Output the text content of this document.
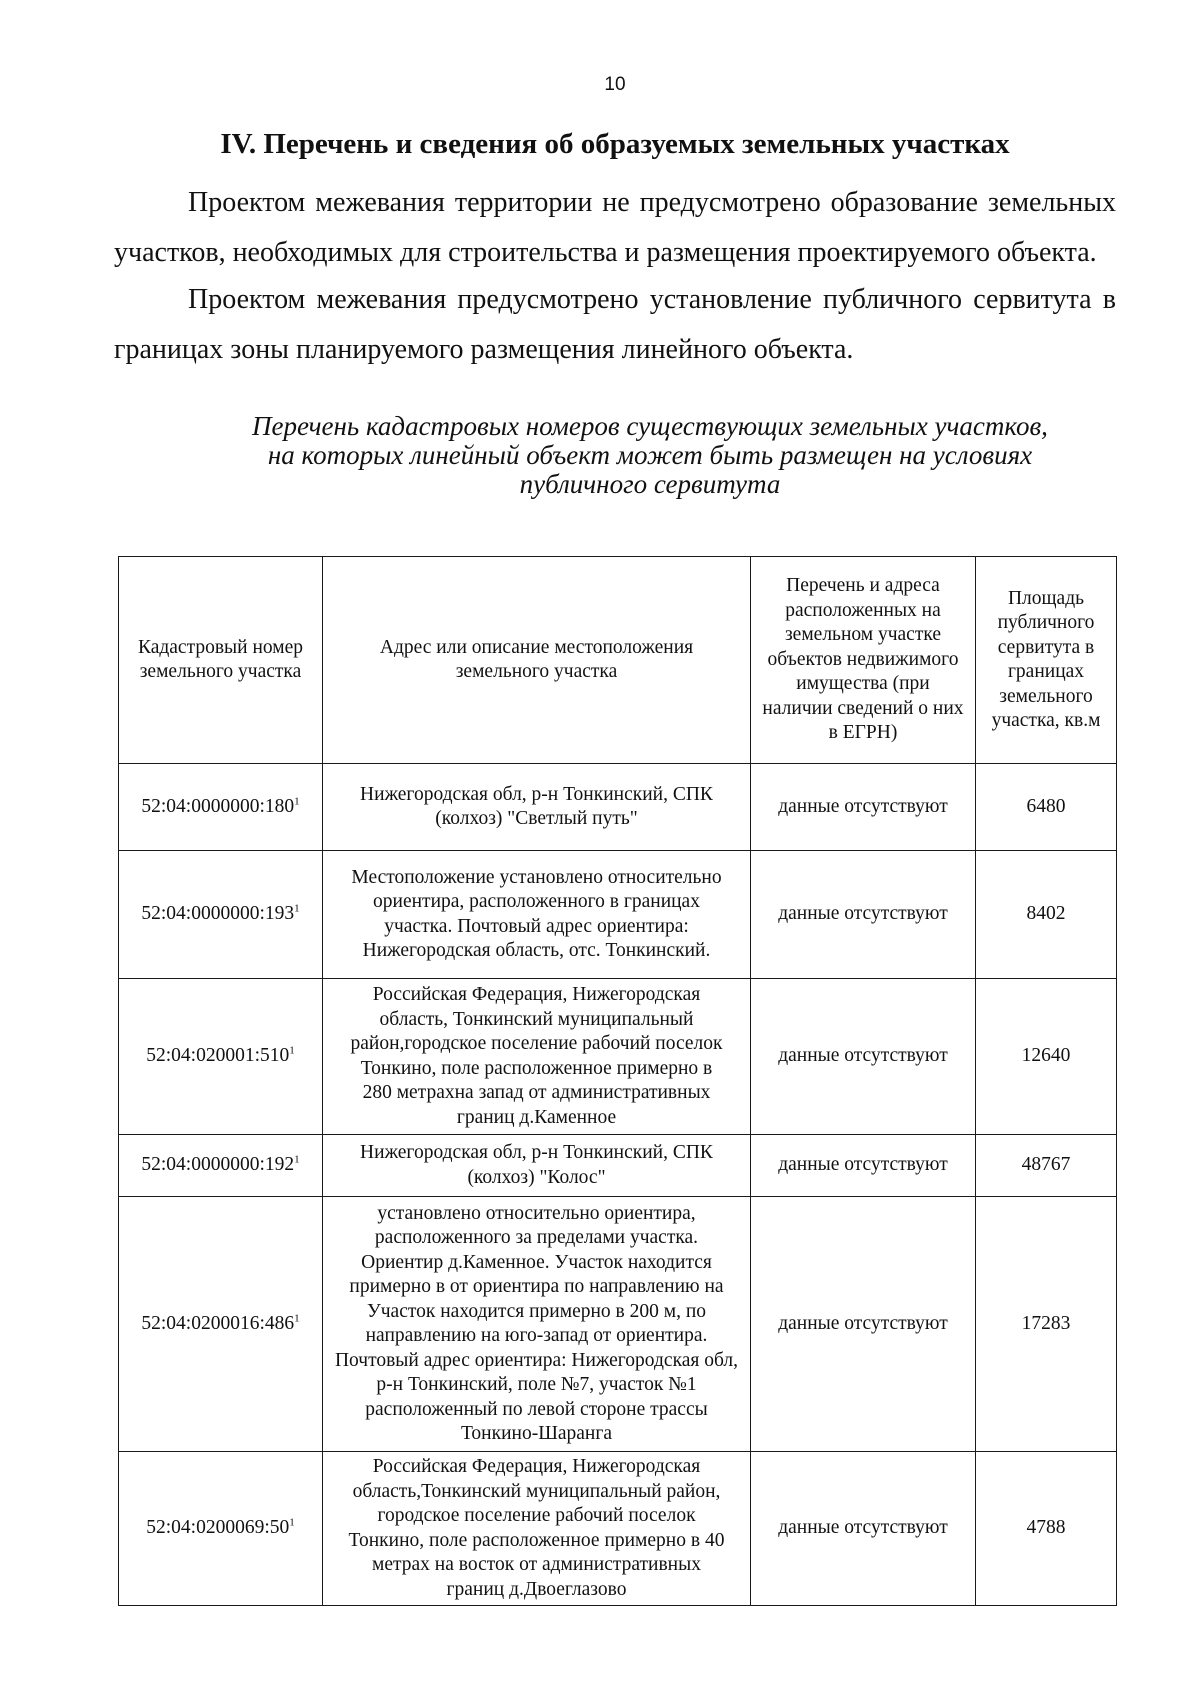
10
IV. Перечень и сведения об образуемых земельных участках

Проектом межевания территории не предусмотрено образование земельных участков, необходимых для строительства и размещения проектируемого объекта.

Проектом межевания предусмотрено установление публичного сервитута в границах зоны планируемого размещения линейного объекта.

Перечень кадастровых номеров существующих земельных участков,
на которых линейный объект может быть размещен на условиях
публичного сервитута
Кадастровый номер земельного участка	Адрес или описание местоположения земельного участка	Перечень и адреса расположенных на земельном участке объектов недвижимого имущества (при наличии сведений о них в ЕГРН)	Площадь публичного сервитута в границах земельного участка, кв.м
$52:04:0000000:180^1$	Нижегородская обл, р-н Тонкинский, СПК (колхоз) "Светлый путь"	данные отсутствуют	6480
$52:04:0000000:193^1$	Местоположение установлено относительно ориентира, расположенного в границах участка. Почтовый адрес ориентира: Нижегородская область, отс. Тонкинский.	данные отсутствуют	8402
$52:04:020001:510^1$	Российская Федерация, Нижегородская область, Тонкинский муниципальный район,городское поселение рабочий поселок Тонкино, поле расположенное примерно в 280 метрахна запад от административных границ д.Каменное	данные отсутствуют	12640
$52:04:0000000:192^1$	Нижегородская обл, р-н Тонкинский, СПК (колхоз) "Колос"	данные отсутствуют	48767
$52:04:0200016:486^1$	установлено относительно ориентира, расположенного за пределами участка. Ориентир д.Каменное. Участок находится примерно в от ориентира по направлению на Участок находится примерно в 200 м, по направлению на юго-запад от ориентира. Почтовый адрес ориентира: Нижегородская обл, р-н Тонкинский, поле №7, участок №1 расположенный по левой стороне трассы Тонкино-Шаранга	данные отсутствуют	17283
$52:04:0200069:50^1$	Российская Федерация, Нижегородская область,Тонкинский муниципальный район, городское поселение рабочий поселок Тонкино, поле расположенное примерно в 40 метрах на восток от административных границ д.Двоеглазово	данные отсутствуют	4788
